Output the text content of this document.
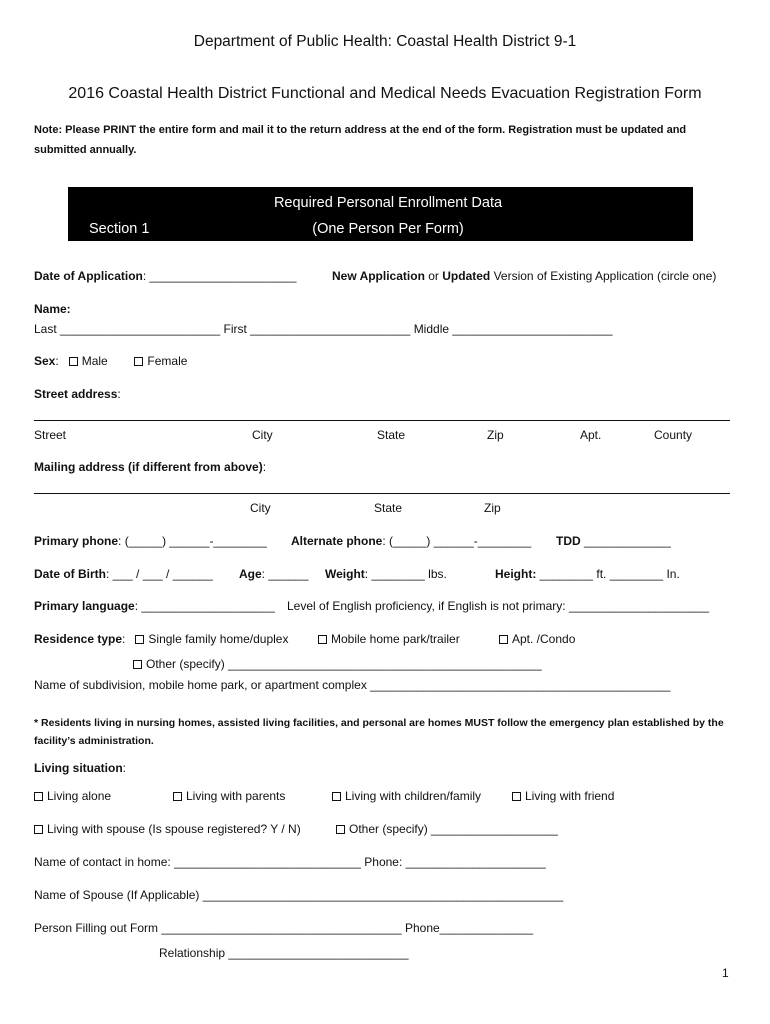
Department of Public Health: Coastal Health District 9-1
2016 Coastal Health District Functional and Medical Needs Evacuation Registration Form
Note: Please PRINT the entire form and mail it to the return address at the end of the form. Registration must be updated and submitted annually.
Required Personal Enrollment Data
(One Person Per Form)
Section 1
Date of Application: ______________________	New Application or Updated Version of Existing Application (circle one)
Name:
Last ________________________ First ________________________ Middle ________________________
Sex:   Male	Female
Street address:
Street	City	State	Zip	Apt.	County
Mailing address (if different from above):
City	State	Zip
Primary phone: (_____) ______-________ Alternate phone: (_____) ______-________ TDD _____________
Date of Birth: ___ / ___ / ______ Age: ______ Weight: ________ lbs.	Height: ________ ft. ________ In.
Primary language: ____________________ Level of English proficiency, if English is not primary: _____________________
Residence type:   Single family home/duplex	Mobile home park/trailer	Apt. /Condo
Other (specify) _______________________________________________
Name of subdivision, mobile home park, or apartment complex _____________________________________________
* Residents living in nursing homes, assisted living facilities, and personal are homes MUST follow the emergency plan established by the facility’s administration.
Living situation:
Living alone	Living with parents	Living with children/family	Living with friend
Living with spouse (Is spouse registered? Y / N)	Other (specify) ___________________
Name of contact in home: ____________________________ Phone: _____________________
Name of Spouse (If Applicable) ______________________________________________________
Person Filling out Form ____________________________________ Phone______________
Relationship ___________________________
1
